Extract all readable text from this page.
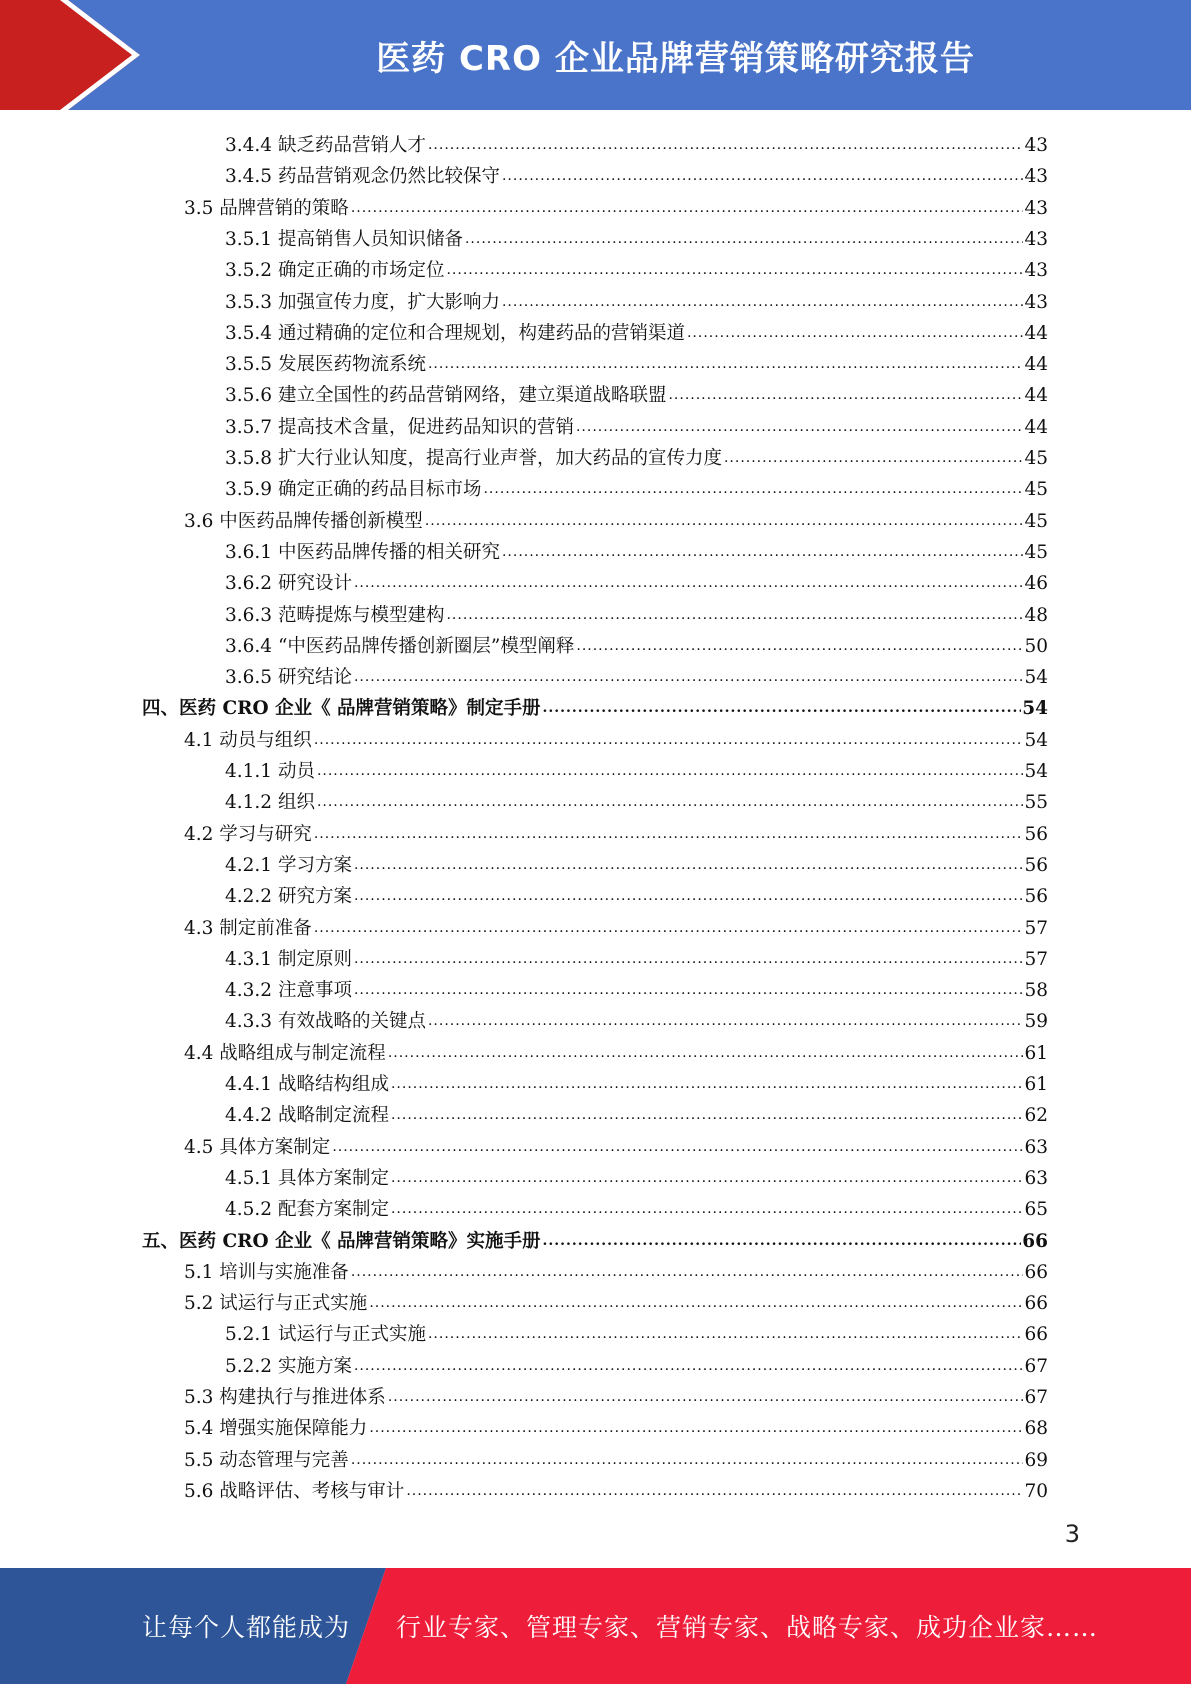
医药 CRO 企业品牌营销策略研究报告
3.4.4 缺乏药品营销人才 .....	43
3.4.5 药品营销观念仍然比较保守 .....	43
3.5 品牌营销的策略 .....	43
3.5.1 提高销售人员知识储备 .....	43
3.5.2 确定正确的市场定位 .....	43
3.5.3 加强宣传力度，扩大影响力 .....	43
3.5.4 通过精确的定位和合理规划，构建药品的营销渠道 .....	44
3.5.5 发展医药物流系统 .....	44
3.5.6 建立全国性的药品营销网络，建立渠道战略联盟 .....	44
3.5.7 提高技术含量，促进药品知识的营销 .....	44
3.5.8 扩大行业认知度，提高行业声誉，加大药品的宣传力度 .....	45
3.5.9 确定正确的药品目标市场 .....	45
3.6 中医药品牌传播创新模型 .....	45
3.6.1 中医药品牌传播的相关研究 .....	45
3.6.2 研究设计 .....	46
3.6.3 范畴提炼与模型建构 .....	48
3.6.4 “中医药品牌传播创新圈层”模型阐释 .....	50
3.6.5 研究结论 .....	54
四、医药 CRO 企业《 品牌营销策略》制定手册 .....	54
4.1 动员与组织 .....	54
4.1.1 动员 .....	54
4.1.2 组织 .....	55
4.2 学习与研究 .....	56
4.2.1 学习方案 .....	56
4.2.2 研究方案 .....	56
4.3 制定前准备 .....	57
4.3.1 制定原则 .....	57
4.3.2 注意事项 .....	58
4.3.3 有效战略的关键点 .....	59
4.4 战略组成与制定流程 .....	61
4.4.1 战略结构组成 .....	61
4.4.2 战略制定流程 .....	62
4.5 具体方案制定 .....	63
4.5.1 具体方案制定 .....	63
4.5.2 配套方案制定 .....	65
五、医药 CRO 企业《 品牌营销策略》实施手册 .....	66
5.1 培训与实施准备 .....	66
5.2 试运行与正式实施 .....	66
5.2.1 试运行与正式实施 .....	66
5.2.2 实施方案 .....	67
5.3 构建执行与推进体系 .....	67
5.4 增强实施保障能力 .....	68
5.5 动态管理与完善 .....	69
5.6 战略评估、考核与审计 .....	70
3
让每个人都能成为 行业专家、管理专家、营销专家、战略专家、成功企业家……
